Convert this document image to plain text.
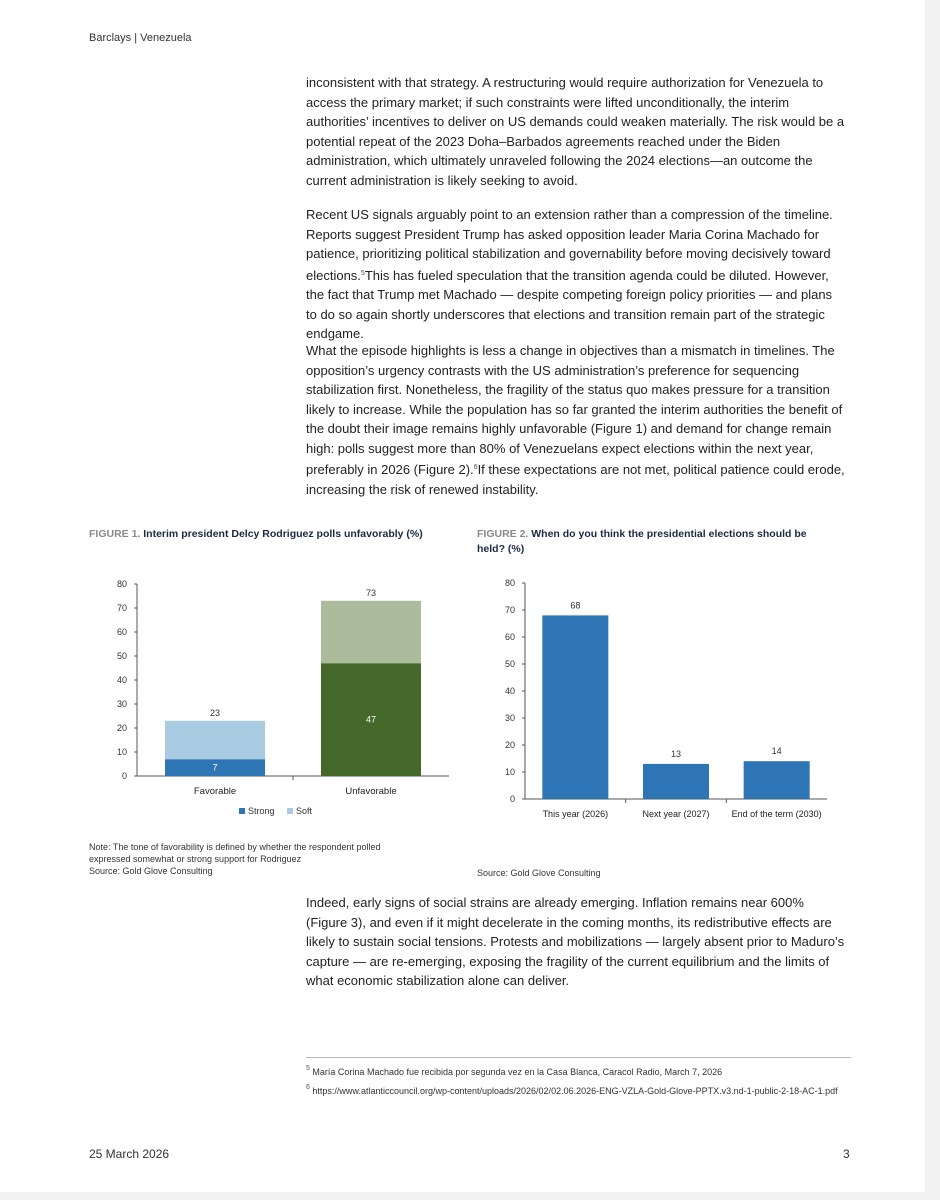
Barclays | Venezuela

inconsistent with that strategy. A restructuring would require authorization for Venezuela to access the primary market; if such constraints were lifted unconditionally, the interim authorities’ incentives to deliver on US demands could weaken materially. The risk would be a potential repeat of the 2023 Doha–Barbados agreements reached under the Biden administration, which ultimately unraveled following the 2024 elections—an outcome the current administration is likely seeking to avoid.

Recent US signals arguably point to an extension rather than a compression of the timeline. Reports suggest President Trump has asked opposition leader Maria Corina Machado for patience, prioritizing political stabilization and governability before moving decisively toward elections.$^5$This has fueled speculation that the transition agenda could be diluted. However, the fact that Trump met Machado — despite competing foreign policy priorities — and plans to do so again shortly underscores that elections and transition remain part of the strategic endgame.

What the episode highlights is less a change in objectives than a mismatch in timelines. The opposition’s urgency contrasts with the US administration’s preference for sequencing stabilization first. Nonetheless, the fragility of the status quo makes pressure for a transition likely to increase. While the population has so far granted the interim authorities the benefit of the doubt their image remains highly unfavorable (Figure 1) and demand for change remain high: polls suggest more than 80% of Venezuelans expect elections within the next year, preferably in 2026 (Figure 2).$^6$If these expectations are not met, political patience could erode, increasing the risk of renewed instability.

FIGURE 1. Interim president Delcy Rodriguez polls unfavorably (%)
0
10
20
30
40
50
60
70
80
7
23
Favorable
47
73
Unfavorable
Strong Soft
Note: The tone of favorability is defined by whether the respondent polled
expressed somewhat or strong support for Rodriguez
Source: Gold Glove Consulting
FIGURE 2. When do you think the presidential elections should be held? (%)
0
10
20
30
40
50
60
70
80
68
This year (2026)
13
Next year (2027)
14
End of the term (2030)
Source: Gold Glove Consulting

Indeed, early signs of social strains are already emerging. Inflation remains near 600% (Figure 3), and even if it might decelerate in the coming months, its redistributive effects are likely to sustain social tensions. Protests and mobilizations — largely absent prior to Maduro’s capture — are re-emerging, exposing the fragility of the current equilibrium and the limits of what economic stabilization alone can deliver.

$^5$ María Corina Machado fue recibida por segunda vez en la Casa Blanca, Caracol Radio, March 7, 2026
$^6$ https://www.atlanticcouncil.org/wp-content/uploads/2026/02/02.06.2026-ENG-VZLA-Gold-Glove-PPTX.v3.nd-1-public-2-18-AC-1.pdf
25 March 2026	3
